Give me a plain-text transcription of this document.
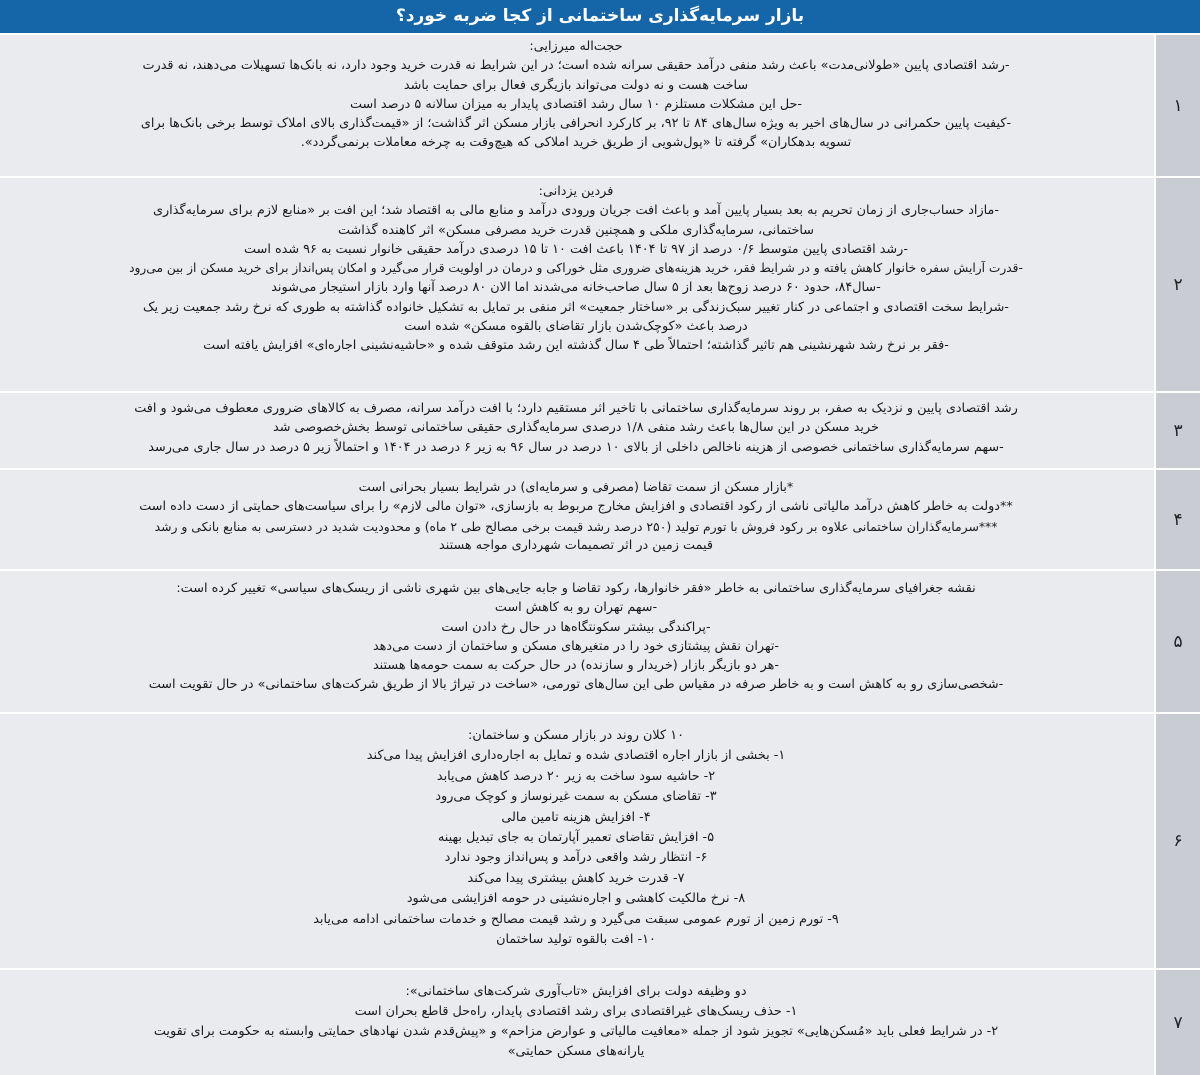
بازار سرمایه‌گذاری ساختمانی از کجا ضربه خورد؟
۱
حجت‌اله میرزایی:
-رشد اقتصادی پایین «طولانی‌مدت» باعث رشد منفی درآمد حقیقی سرانه شده است؛ در این شرایط نه قدرت خرید وجود دارد، نه بانک‌ها تسهیلات می‌دهند، نه قدرت
ساخت هست و نه دولت می‌تواند بازیگری فعال برای حمایت باشد
-حل این مشکلات مستلزم ۱۰ سال رشد اقتصادی پایدار به میزان سالانه ۵ درصد است
-کیفیت پایین حکمرانی در سال‌های اخیر به ویژه سال‌های ۸۴ تا ۹۲، بر کارکرد انحرافی بازار مسکن اثر گذاشت؛ از «قیمت‌گذاری بالای املاک توسط برخی بانک‌ها برای
تسویه بدهکاران» گرفته تا «پول‌شویی از طریق خرید املاکی که هیچ‌وقت به چرخه معاملات برنمی‌گردد».
۲
فردین یزدانی:
-مازاد حساب‌جاری از زمان تحریم به بعد بسیار پایین آمد و باعث افت جریان ورودی درآمد و منابع مالی به اقتصاد شد؛ این افت بر «منابع لازم برای سرمایه‌گذاری
ساختمانی، سرمایه‌گذاری ملکی و همچنین قدرت خرید مصرفی مسکن» اثر کاهنده گذاشت
-رشد اقتصادی پایین متوسط ۰/۶ درصد از ۹۷ تا ۱۴۰۴ باعث افت ۱۰ تا ۱۵ درصدی درآمد حقیقی خانوار نسبت به ۹۶ شده است
-قدرت آرایش سفره خانوار کاهش یافته و در شرایط فقر، خرید هزینه‌های ضروری مثل خوراکی و درمان در اولویت قرار می‌گیرد و امکان پس‌انداز برای خرید مسکن از بین می‌رود
-سال۸۴، حدود ۶۰ درصد زوج‌ها بعد از ۵ سال صاحب‌خانه می‌شدند اما الان ۸۰ درصد آنها وارد بازار استیجار می‌شوند
-شرایط سخت اقتصادی و اجتماعی در کنار تغییر سبک‌زندگی بر «ساختار جمعیت» اثر منفی بر تمایل به تشکیل خانواده گذاشته به طوری که نرخ رشد جمعیت زیر یک
درصد باعث «کوچک‌شدن بازار تقاضای بالقوه مسکن» شده است
-فقر بر نرخ رشد شهرنشینی هم تاثیر گذاشته؛ احتمالاً طی ۴ سال گذشته این رشد متوقف شده و «حاشیه‌نشینی اجاره‌ای» افزایش یافته است
۳
رشد اقتصادی پایین و نزدیک به صفر، بر روند سرمایه‌گذاری ساختمانی با تاخیر اثر مستقیم دارد؛ با افت درآمد سرانه، مصرف به کالاهای ضروری معطوف می‌شود و افت
خرید مسکن در این سال‌ها باعث رشد منفی ۱/۸ درصدی سرمایه‌گذاری حقیقی ساختمانی توسط بخش‌خصوصی شد
-سهم سرمایه‌گذاری ساختمانی خصوصی از هزینه ناخالص داخلی از بالای ۱۰ درصد در سال ۹۶ به زیر ۶ درصد در ۱۴۰۴ و احتمالاً زیر ۵ درصد در سال جاری می‌رسد
۴
*بازار مسکن از سمت تقاضا (مصرفی و سرمایه‌ای) در شرایط بسیار بحرانی است
**دولت به خاطر کاهش درآمد مالیاتی ناشی از رکود اقتصادی و افزایش مخارج مربوط به بازسازی، «توان مالی لازم» را برای سیاست‌های حمایتی از دست داده است
***سرمایه‌گذاران ساختمانی علاوه بر رکود فروش با تورم تولید (۲۵۰ درصد رشد قیمت برخی مصالح طی ۲ ماه) و محدودیت شدید در دسترسی به منابع بانکی و رشد
قیمت زمین در اثر تصمیمات شهرداری مواجه هستند
۵
نقشه جغرافیای سرمایه‌گذاری ساختمانی به خاطر «فقر خانوارها، رکود تقاضا و جابه جایی‌های بین شهری ناشی از ریسک‌های سیاسی» تغییر کرده است:
-سهم تهران رو به کاهش است
-پراکندگی بیشتر سکونتگاه‌ها در حال رخ دادن است
-تهران نقش پیشتازی خود را در متغیرهای مسکن و ساختمان از دست می‌دهد
-هر دو بازیگر بازار (خریدار و سازنده) در حال حرکت به سمت حومه‌ها هستند
-شخصی‌سازی رو به کاهش است و به خاطر صرفه در مقیاس طی این سال‌های تورمی، «ساخت در تیراژ بالا از طریق شرکت‌های ساختمانی» در حال تقویت است
۶
۱۰ کلان روند در بازار مسکن و ساختمان:
۱- بخشی از بازار اجاره اقتصادی شده و تمایل به اجاره‌داری افزایش پیدا می‌کند
۲- حاشیه سود ساخت به زیر ۲۰ درصد کاهش می‌یابد
۳- تقاضای مسکن به سمت غیرنوساز و کوچک می‌رود
۴- افزایش هزینه تامین مالی
۵- افزایش تقاضای تعمیر آپارتمان به جای تبدیل بهینه
۶- انتظار رشد واقعی درآمد و پس‌انداز وجود ندارد
۷- قدرت خرید کاهش بیشتری پیدا می‌کند
۸- نرخ مالکیت کاهشی و اجاره‌نشینی در حومه افزایشی می‌شود
۹- تورم زمین از تورم عمومی سبقت می‌گیرد و رشد قیمت مصالح و خدمات ساختمانی ادامه می‌یابد
۱۰- افت بالقوه تولید ساختمان
۷
دو وظیفه دولت برای افزایش «تاب‌آوری شرکت‌های ساختمانی»:
۱- حذف ریسک‌های غیراقتصادی برای رشد اقتصادی پایدار، راه‌حل قاطع بحران است
۲- در شرایط فعلی باید «مُسکن‌هایی» تجویز شود از جمله «معافیت مالیاتی و عوارض مزاحم» و «پیش‌قدم شدن نهادهای حمایتی وابسته به حکومت برای تقویت
یارانه‌های مسکن حمایتی»
